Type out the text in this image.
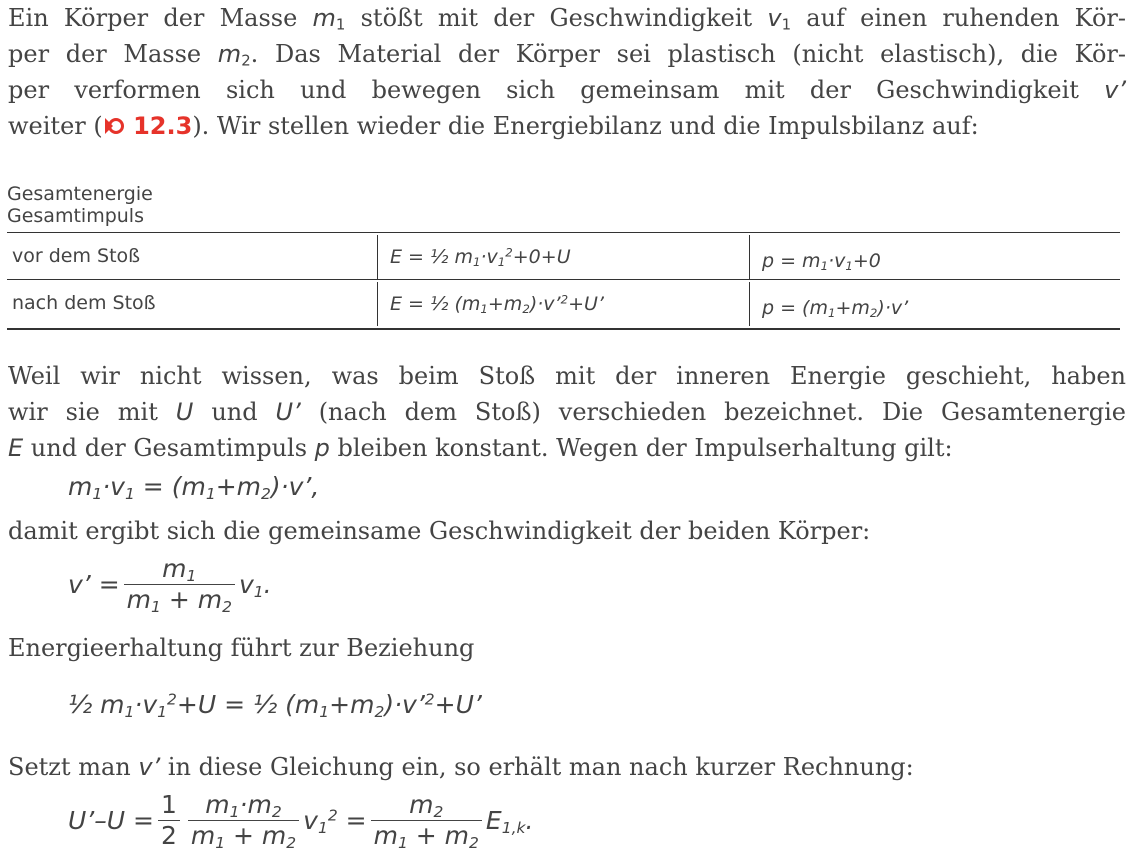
Ein Körper der Masse $m_1$ stößt mit der Geschwindigkeit $v_1$ auf einen ruhenden Kör-
per der Masse $m_2$. Das Material der Körper sei plastisch (nicht elastisch), die Kör-
per verformen sich und bewegen sich gemeinsam mit der Geschwindigkeit v’

weiter ( 12.3). Wir stellen wieder die Energiebilanz und die Impulsbilanz auf:

Gesamtenergie
Gesamtimpuls
vor dem Stoß	E = ½ $m_1\cdot v_1^2+0+U$	$p = m_1\cdot v_1+0$
nach dem Stoß	E = ½ $(m_1+m_2)\cdot v’^2+U$’	$p = (m_1+m_2)\cdot v$’

Weil wir nicht wissen, was beim Stoß mit der inneren Energie geschieht, haben
wir sie mit U und U’ (nach dem Stoß) verschieden bezeichnet. Die Gesamtenergie

E und der Gesamtimpuls p bleiben konstant. Wegen der Impulserhaltung gilt:

$m_1\cdot v_1 = (m_1+m_2)\cdot v$’,

damit ergibt sich die gemeinsame Geschwindigkeit der beiden Körper:

v’ = $\frac{m_1}{m_1 + m_2} v_1$.

Energieerhaltung führt zur Beziehung

½ $m_1\cdot v_1^2+U$ = ½ $(m_1+m_2)\cdot v’^2+U$’

Setzt man v’ in diese Gleichung ein, so erhält man nach kurzer Rechnung:

U’–U = $\frac{1}{2} \frac{m_1\cdot m_2}{m_1 + m_2} v_1^2 = \frac{m_2}{m_1 + m_2} E_{1,k}$.
